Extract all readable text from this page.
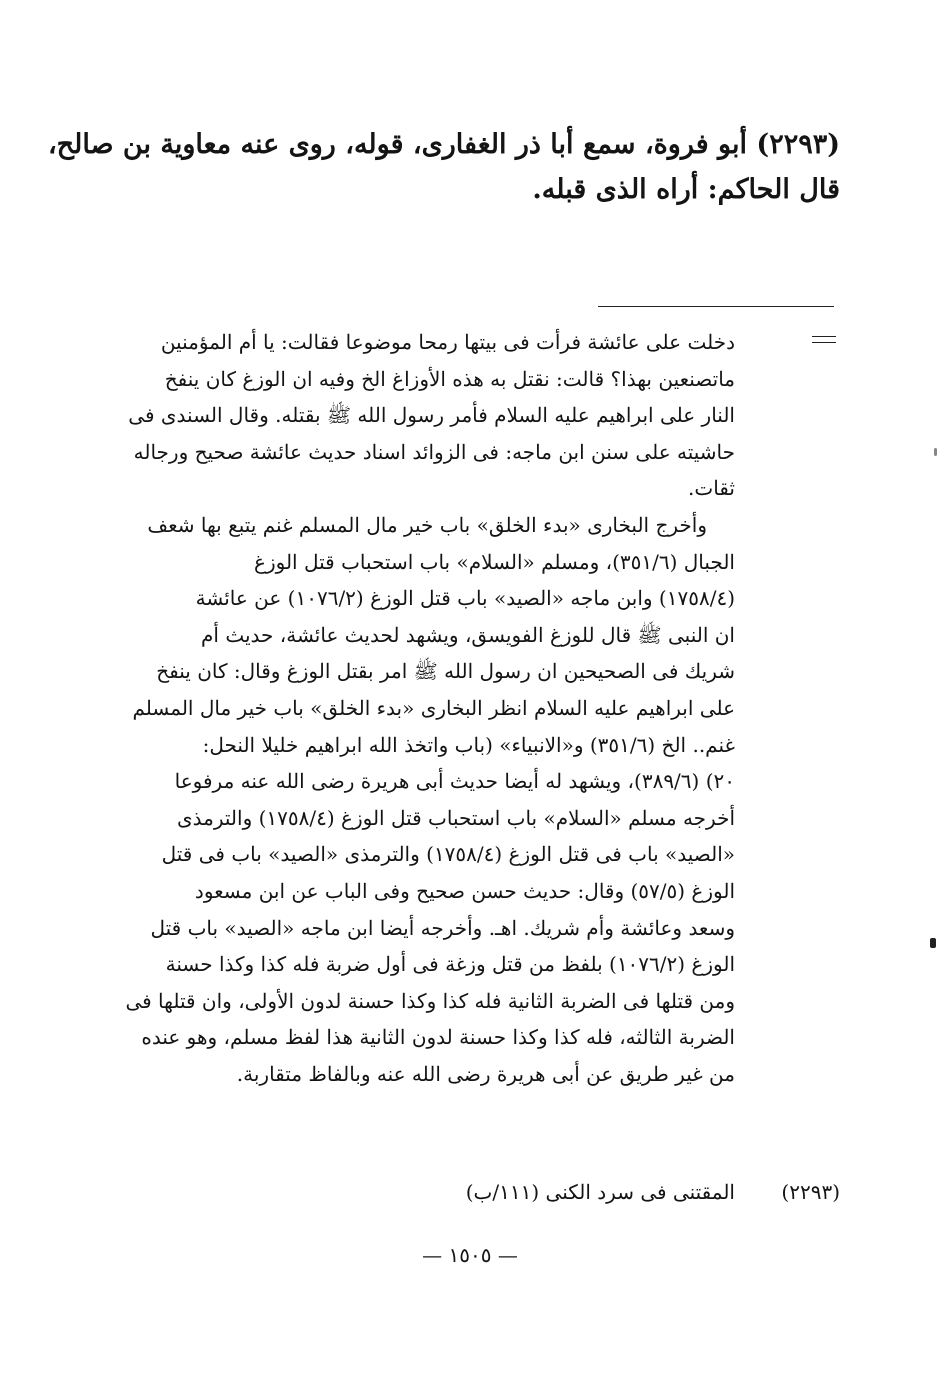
(٢٢٩٣) أبو فروة، سمع أبا ذر الغفارى، قوله، روى عنه معاوية بن صالح،
قال الحاكم: أراه الذى قبله.
دخلت على عائشة فرأت فى بيتها رمحا موضوعا فقالت: يا أم المؤمنين
ماتصنعين بهذا؟ قالت: نقتل به هذه الأوزاغ الخ وفيه ان الوزغ كان ينفخ
النار على ابراهيم عليه السلام فأمر رسول الله ﷺ بقتله. وقال السندى فى
حاشيته على سنن ابن ماجه: فى الزوائد اسناد حديث عائشة صحيح ورجاله
ثقات.
وأخرج البخارى «بدء الخلق» باب خير مال المسلم غنم يتبع بها شعف
الجبال (٣٥١/٦)، ومسلم «السلام» باب استحباب قتل الوزغ
(١٧٥٨/٤) وابن ماجه «الصيد» باب قتل الوزغ (١٠٧٦/٢) عن عائشة
ان النبى ﷺ قال للوزغ الفويسق، ويشهد لحديث عائشة، حديث أم
شريك فى الصحيحين ان رسول الله ﷺ امر بقتل الوزغ وقال: كان ينفخ
على ابراهيم عليه السلام انظر البخارى «بدء الخلق» باب خير مال المسلم
غنم.. الخ (٣٥١/٦) و«الانبياء» (باب واتخذ الله ابراهيم خليلا النحل:
٢٠) (٣٨٩/٦)، ويشهد له أيضا حديث أبى هريرة رضى الله عنه مرفوعا
أخرجه مسلم «السلام» باب استحباب قتل الوزغ (١٧٥٨/٤) والترمذى
«الصيد» باب فى قتل الوزغ (١٧٥٨/٤) والترمذى «الصيد» باب فى قتل
الوزغ (٥٧/٥) وقال: حديث حسن صحيح وفى الباب عن ابن مسعود
وسعد وعائشة وأم شريك. اهـ. وأخرجه أيضا ابن ماجه «الصيد» باب قتل
الوزغ (١٠٧٦/٢) بلفظ من قتل وزغة فى أول ضربة فله كذا وكذا حسنة
ومن قتلها فى الضربة الثانية فله كذا وكذا حسنة لدون الأولى، وان قتلها فى
الضربة الثالثه، فله كذا وكذا حسنة لدون الثانية هذا لفظ مسلم، وهو عنده
من غير طريق عن أبى هريرة رضى الله عنه وبالفاظ متقاربة.
(٢٢٩٣)
المقتنى فى سرد الكنى (١١١/ب)
— ١٥٠٥ —
